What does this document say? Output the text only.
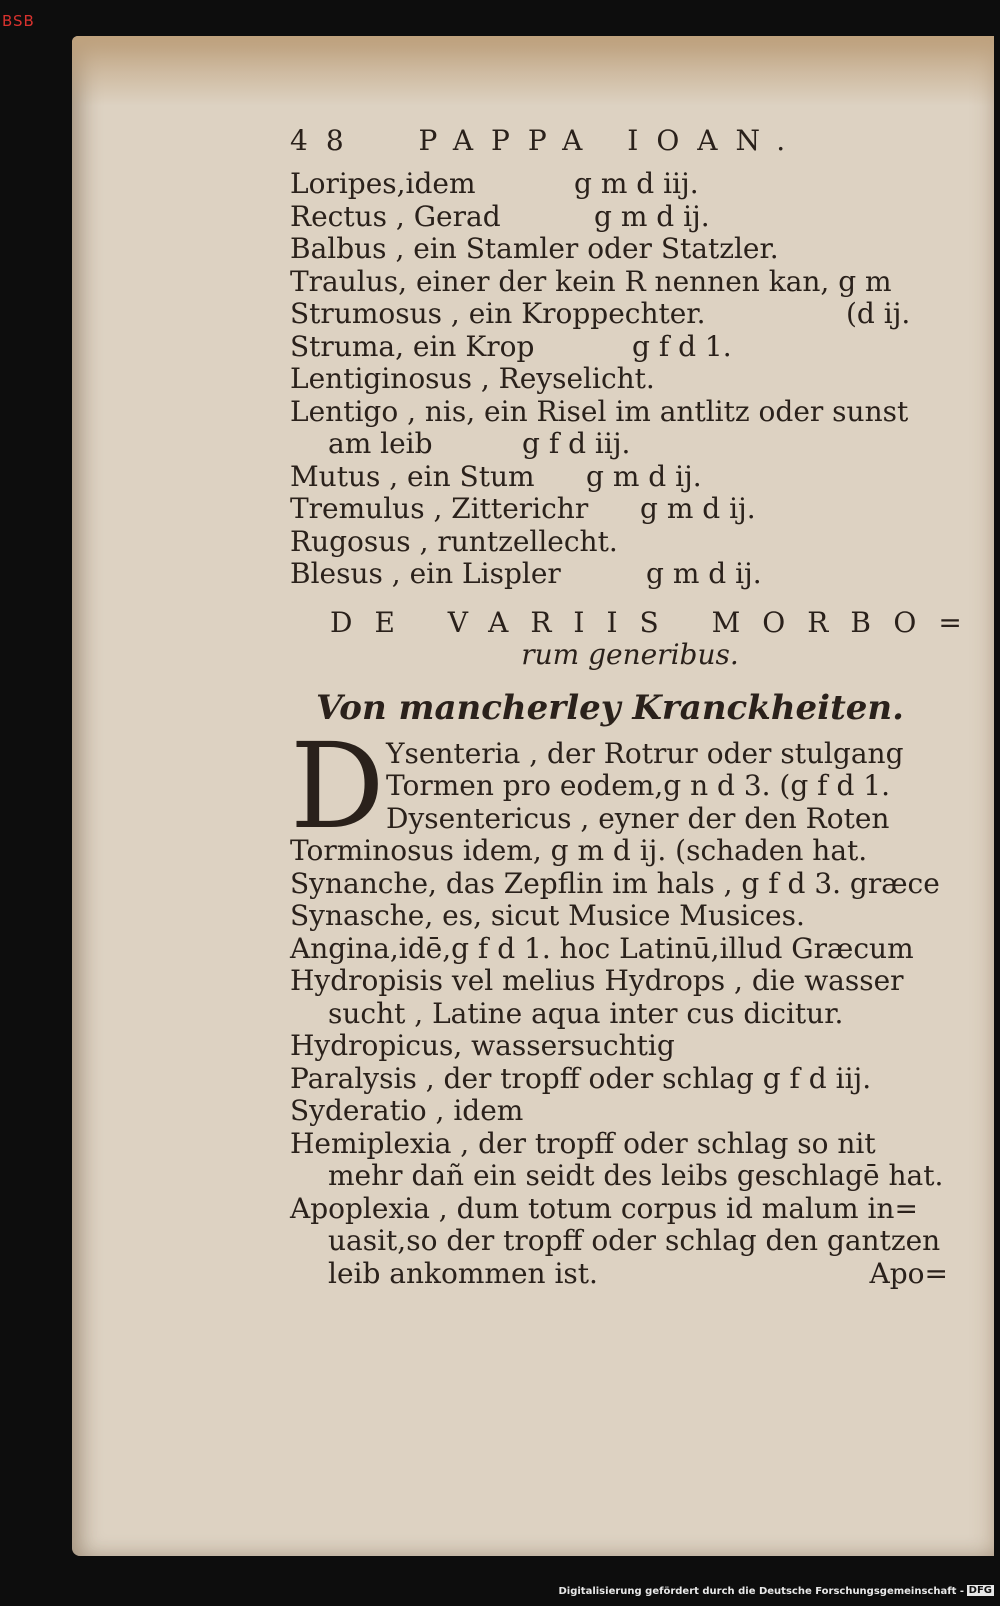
BSB
48 PAPPA IOAN.
Loripes,idem	g m d iij.
Rectus , Gerad	g m d ij.
Balbus , ein Stamler oder Statzler.
Traulus, einer der kein R nennen kan, g m
Strumosus , ein Kroppechter.	(d ij.
Struma, ein Krop	g f d 1.
Lentiginosus , Reyselicht.
Lentigo , nis, ein Risel im antlitz oder sunst
am leib	g f d iij.
Mutus , ein Stum g m d ij.
Tremulus , Zitterichr g m d ij.
Rugosus , runtzellecht.
Blesus , ein Lispler	g m d ij.
DE VARIIS MORBO=
rum generibus.
Von mancherley Kranckheiten.
D Ysenteria , der Rotrur oder stulgang
Tormen pro eodem,g n d 3. (g f d 1.
Dysentericus , eyner der den Roten
Torminosus idem, g m d ij. (schaden hat.
Synanche, das Zepflin im hals , g f d 3. græce
Synasche, es, sicut Musice Musices.
Angina,idē,g f d 1. hoc Latinū,illud Græcum
Hydropisis vel melius Hydrops , die wasser
sucht , Latine aqua inter cus dicitur.
Hydropicus, wassersuchtig
Paralysis , der tropff oder schlag g f d iij.
Syderatio , idem
Hemiplexia , der tropff oder schlag so nit
mehr dañ ein seidt des leibs geschlagē hat.
Apoplexia , dum totum corpus id malum in=
uasit,so der tropff oder schlag den gantzen
leib ankommen ist.	Apo=
Digitalisierung gefördert durch die Deutsche Forschungsgemeinschaft - DFG
